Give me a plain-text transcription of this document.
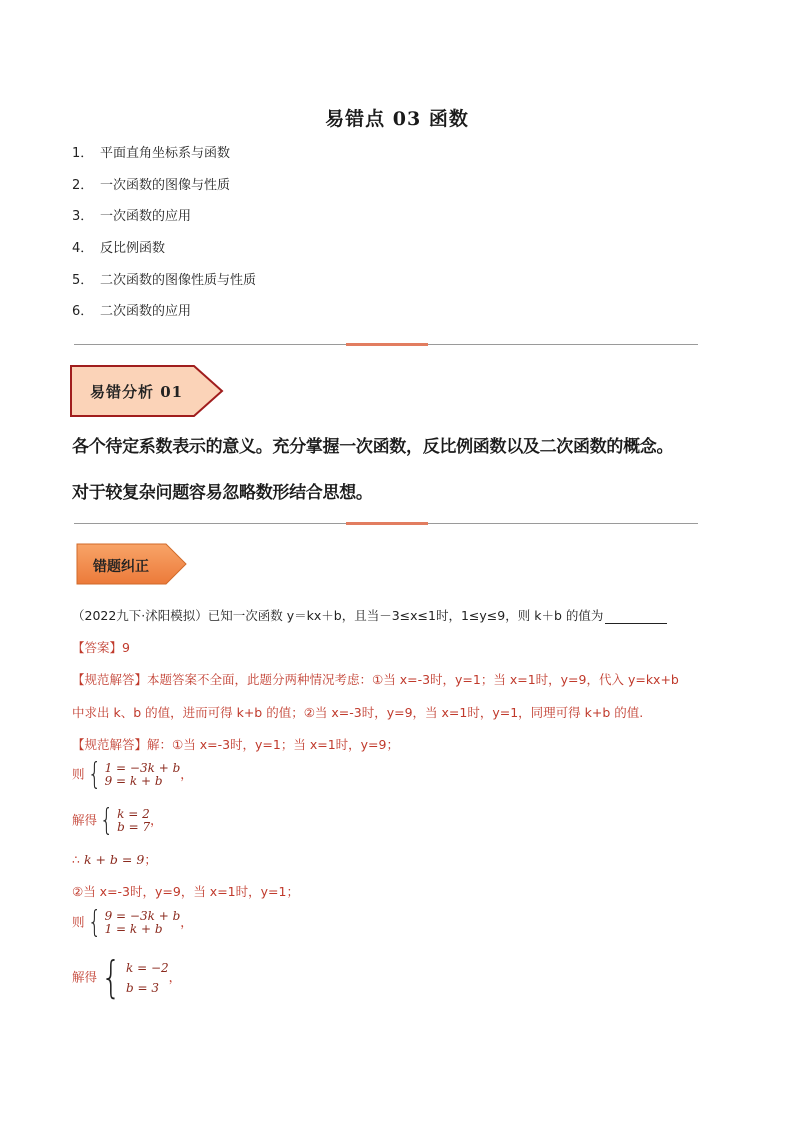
易错点 03 函数
1． 平面直角坐标系与函数
2． 一次函数的图像与性质
3． 一次函数的应用
4． 反比例函数
5． 二次函数的图像性质与性质
6． 二次函数的应用
易错分析 01
各个待定系数表示的意义。充分掌握一次函数，反比例函数以及二次函数的概念。
对于较复杂问题容易忽略数形结合思想。
错题纠正
（2022九下·沭阳模拟）已知一次函数 y＝kx＋b，且当－3≤x≤1时，1≤y≤9，则 k＋b 的值为
【答案】9
【规范解答】本题答案不全面，此题分两种情况考虑：①当 x=-3时，y=1；当 x=1时，y=9，代入 y=kx+b
中求出 k、b 的值，进而可得 k+b 的值；②当 x=-3时，y=9，当 x=1时，y=1，同理可得 k+b 的值.
【规范解答】解：①当 x=-3时，y=1；当 x=1时，y=9；
则 { 1 = −3k + b
9 = k + b	，
解得 { k = 2
b = 7 ，
∴ k + b = 9；
②当 x=-3时，y=9，当 x=1时，y=1；
则 { 9 = −3k + b
1 = k + b	，
解得 { k = −2
b = 3
，
